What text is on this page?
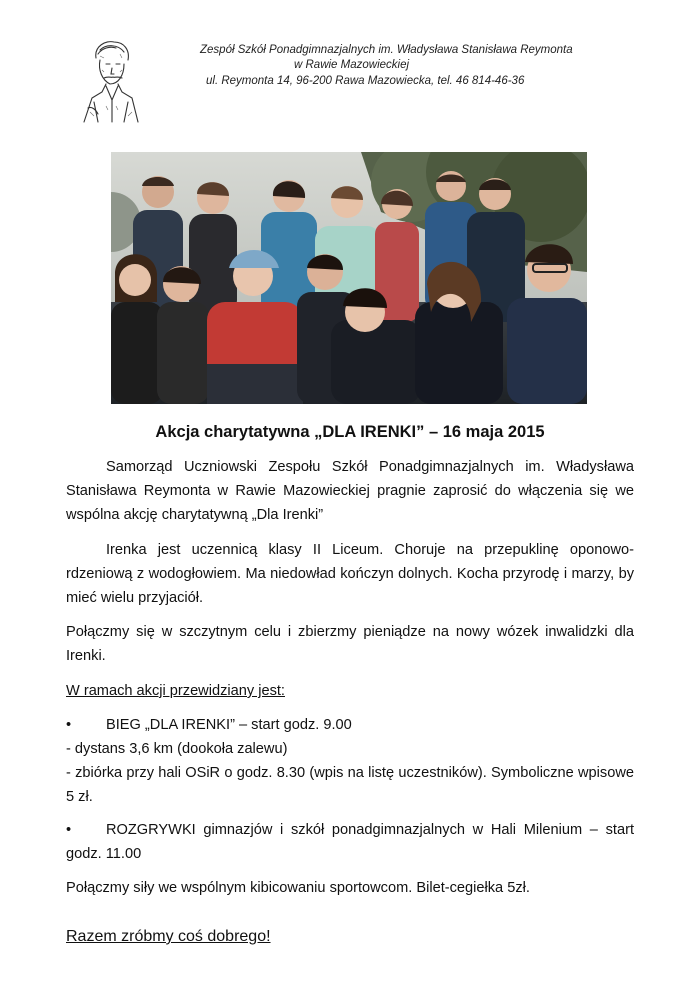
Zespół Szkół Ponadgimnazjalnych im. Władysława Stanisława Reymonta
w Rawie Mazowieckiej
ul. Reymonta 14, 96-200 Rawa Mazowiecka, tel. 46 814-46-36
Akcja charytatywna „DLA IRENKI” – 16 maja 2015
Samorząd Uczniowski Zespołu Szkół Ponadgimnazjalnych im. Władysława Stanisława Reymonta w Rawie Mazowieckiej pragnie zaprosić do włączenia się we wspólna akcję charytatywną „Dla Irenki”
Irenka jest uczennicą klasy II Liceum. Choruje na przepuklinę oponowo-rdzeniową z wodogłowiem. Ma niedowład kończyn dolnych. Kocha przyrodę i marzy, by mieć wielu przyjaciół.
Połączmy się w szczytnym celu i zbierzmy pieniądze na nowy wózek inwalidzki dla Irenki.
W ramach akcji przewidziany jest:
• BIEG „DLA IRENKI” – start godz. 9.00
- dystans 3,6 km (dookoła zalewu)
- zbiórka przy hali OSiR o godz. 8.30 (wpis na listę uczestników). Symboliczne wpisowe 5 zł.
• ROZGRYWKI gimnazjów i szkół ponadgimnazjalnych w Hali Milenium – start godz. 11.00
Połączmy siły we wspólnym kibicowaniu sportowcom. Bilet-cegiełka 5zł.
Razem zróbmy coś dobrego!
